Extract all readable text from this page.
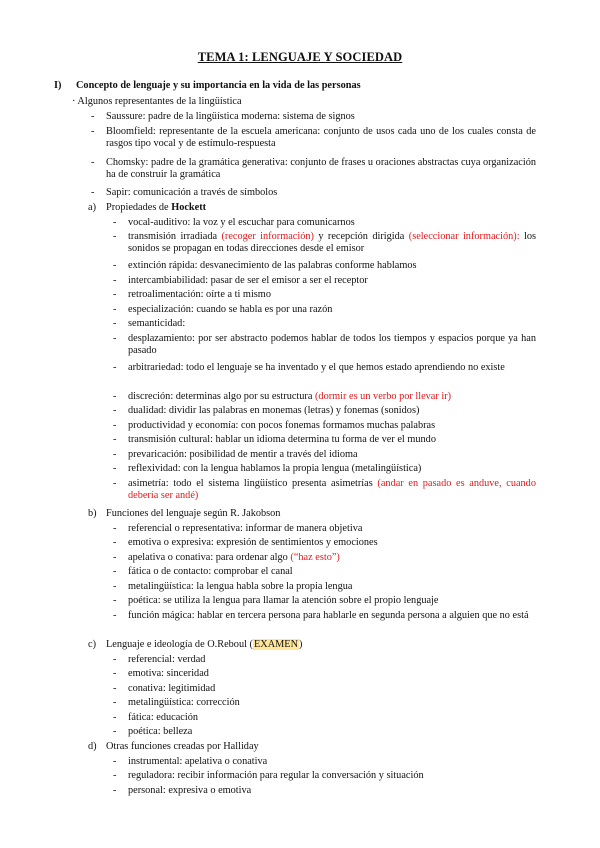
TEMA 1: LENGUAJE Y SOCIEDAD
I) Concepto de lenguaje y su importancia en la vida de las personas
· Algunos representantes de la lingüística
- Saussure: padre de la lingüística moderna: sistema de signos
- Bloomfield: representante de la escuela americana: conjunto de usos cada uno de los cuales consta de rasgos tipo vocal y de estímulo-respuesta
- Chomsky: padre de la gramática generativa: conjunto de frases u oraciones abstractas cuya organización ha de construir la gramática
- Sapir: comunicación a través de símbolos
a) Propiedades de Hockett
- vocal-auditivo: la voz y el escuchar para comunicarnos
- transmisión irradiada (recoger información) y recepción dirigida (seleccionar información): los sonidos se propagan en todas direcciones desde el emisor
- extinción rápida: desvanecimiento de las palabras conforme hablamos
- intercambiabilidad: pasar de ser el emisor a ser el receptor
- retroalimentación: oírte a ti mismo
- especialización: cuando se habla es por una razón
- semanticidad:
- desplazamiento: por ser abstracto podemos hablar de todos los tiempos y espacios porque ya han pasado
- arbitrariedad: todo el lenguaje se ha inventado y el que hemos estado aprendiendo no existe
- discreción: determinas algo por su estructura (dormir es un verbo por llevar ir)
- dualidad: dividir las palabras en monemas (letras) y fonemas (sonidos)
- productividad y economía: con pocos fonemas formamos muchas palabras
- transmisión cultural: hablar un idioma determina tu forma de ver el mundo
- prevaricación: posibilidad de mentir a través del idioma
- reflexividad: con la lengua hablamos la propia lengua (metalingüística)
- asimetría: todo el sistema lingüístico presenta asimetrías (andar en pasado es anduve, cuando debería ser andé)
b) Funciones del lenguaje según R. Jakobson
- referencial o representativa: informar de manera objetiva
- emotiva o expresiva: expresión de sentimientos y emociones
- apelativa o conativa: para ordenar algo (“haz esto”)
- fática o de contacto: comprobar el canal
- metalingüística: la lengua habla sobre la propia lengua
- poética: se utiliza la lengua para llamar la atención sobre el propio lenguaje
- función mágica: hablar en tercera persona para hablarle en segunda persona a alguien que no está
c) Lenguaje e ideología de O.Reboul (EXAMEN)
- referencial: verdad
- emotiva: sinceridad
- conativa: legitimidad
- metalingüística: corrección
- fática: educación
- poética: belleza
d) Otras funciones creadas por Halliday
- instrumental: apelativa o conativa
- reguladora: recibir información para regular la conversación y situación
- personal: expresiva o emotiva
